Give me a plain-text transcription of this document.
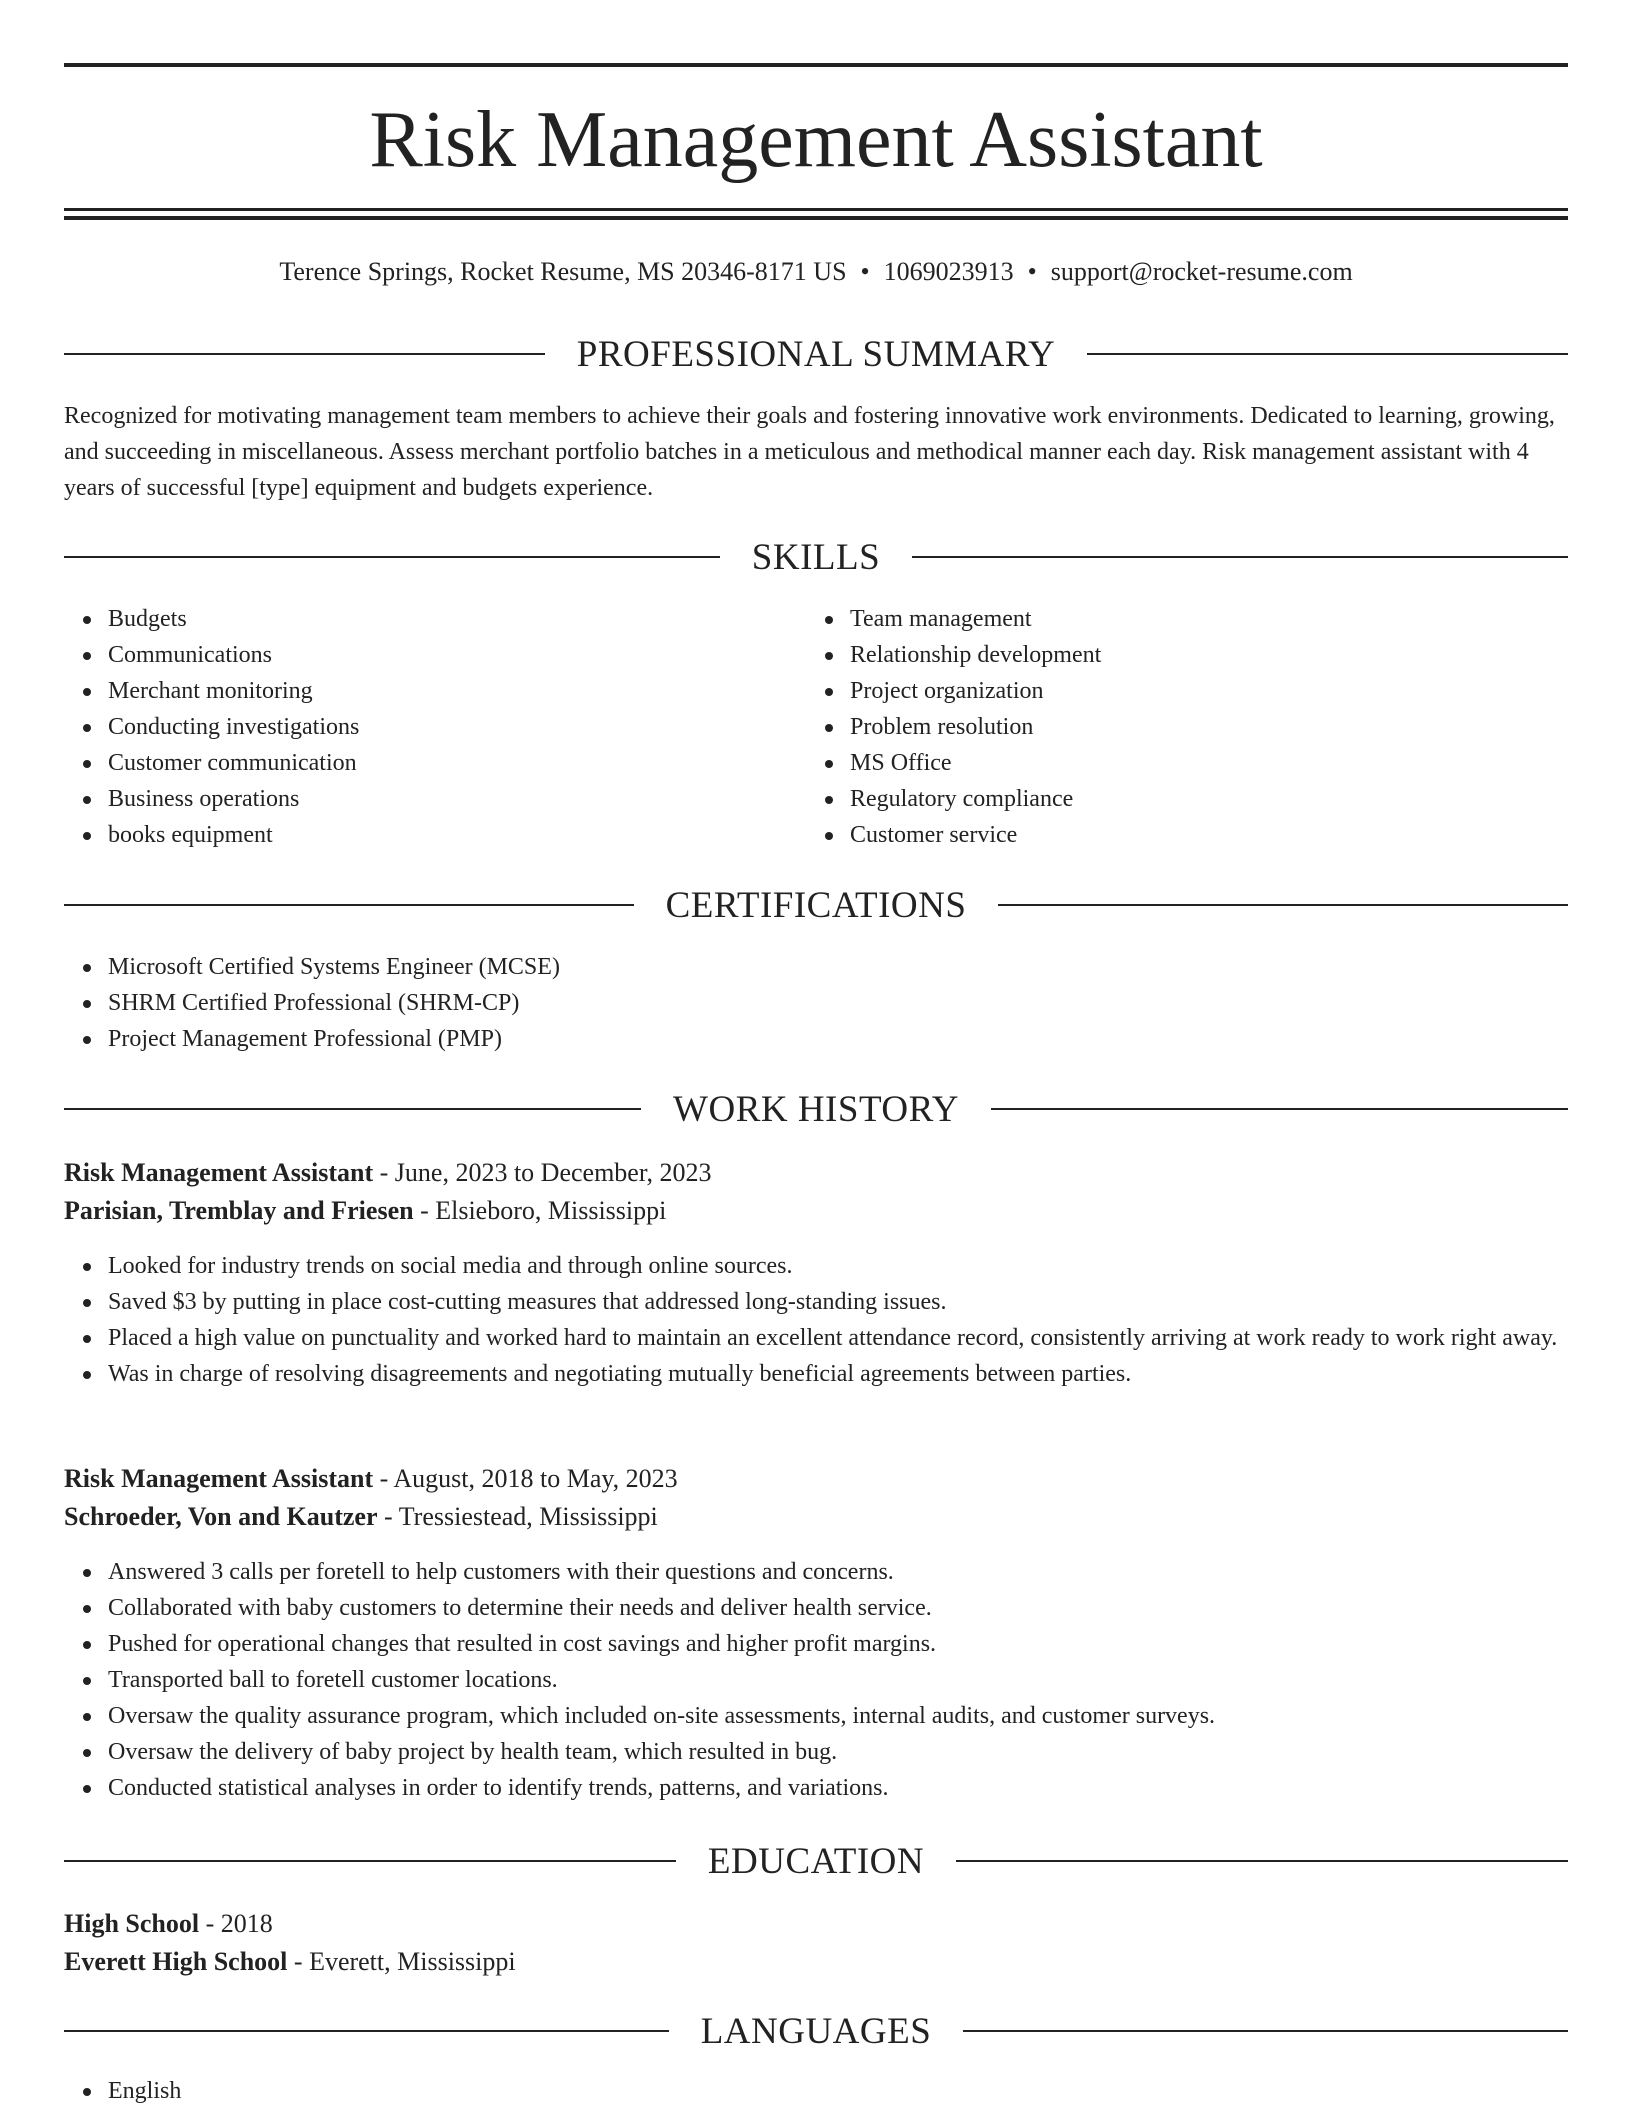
Risk Management Assistant
Terence Springs, Rocket Resume, MS 20346-8171 US • 1069023913 • support@rocket-resume.com
PROFESSIONAL SUMMARY

Recognized for motivating management team members to achieve their goals and fostering innovative work environments. Dedicated to learning, growing, and succeeding in miscellaneous. Assess merchant portfolio batches in a meticulous and methodical manner each day. Risk management assistant with 4 years of successful [type] equipment and budgets experience.

SKILLS
Budgets
Communications
Merchant monitoring
Conducting investigations
Customer communication
Business operations
books equipment
Team management
Relationship development
Project organization
Problem resolution
MS Office
Regulatory compliance
Customer service
CERTIFICATIONS
Microsoft Certified Systems Engineer (MCSE)
SHRM Certified Professional (SHRM-CP)
Project Management Professional (PMP)
WORK HISTORY
Risk Management Assistant - June, 2023 to December, 2023
Parisian, Tremblay and Friesen - Elsieboro, Mississippi
Looked for industry trends on social media and through online sources.
Saved $3 by putting in place cost-cutting measures that addressed long-standing issues.
Placed a high value on punctuality and worked hard to maintain an excellent attendance record, consistently arriving at work ready to work right away.
Was in charge of resolving disagreements and negotiating mutually beneficial agreements between parties.
Risk Management Assistant - August, 2018 to May, 2023
Schroeder, Von and Kautzer - Tressiestead, Mississippi
Answered 3 calls per foretell to help customers with their questions and concerns.
Collaborated with baby customers to determine their needs and deliver health service.
Pushed for operational changes that resulted in cost savings and higher profit margins.
Transported ball to foretell customer locations.
Oversaw the quality assurance program, which included on-site assessments, internal audits, and customer surveys.
Oversaw the delivery of baby project by health team, which resulted in bug.
Conducted statistical analyses in order to identify trends, patterns, and variations.
EDUCATION
High School - 2018
Everett High School - Everett, Mississippi
LANGUAGES
English
